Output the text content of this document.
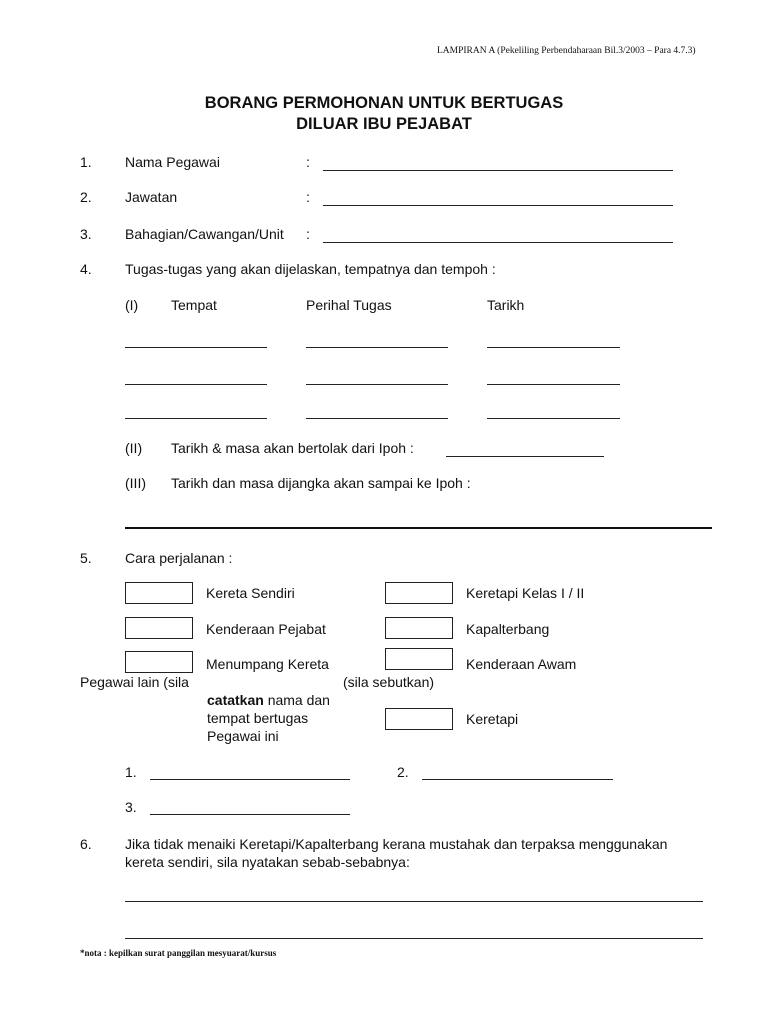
LAMPIRAN A (Pekeliling Perbendaharaan Bil.3/2003 – Para 4.7.3)
BORANG PERMOHONAN UNTUK BERTUGAS
DILUAR IBU PEJABAT
1. Nama Pegawai	:
2. Jawatan	:
3. Bahagian/Cawangan/Unit :
4. Tugas-tugas yang akan dijelaskan, tempatnya dan tempoh :
(I) Tempat	Perihal Tugas	Tarikh
(II) Tarikh & masa akan bertolak dari Ipoh :
(III) Tarikh dan masa dijangka akan sampai ke Ipoh :
5. Cara perjalanan :
Kereta Sendiri	Keretapi Kelas I / II
Kenderaan Pejabat	Kapalterbang
Menumpang Kereta	Kenderaan Awam
Pegawai lain (sila	(sila sebutkan)
catatkan nama dan
tempat bertugas
Pegawai ini
Keretapi
1.	2.
3.
6. Jika tidak menaiki Keretapi/Kapalterbang kerana mustahak dan terpaksa menggunakan
kereta sendiri, sila nyatakan sebab-sebabnya:
*nota : kepilkan surat panggilan mesyuarat/kursus
